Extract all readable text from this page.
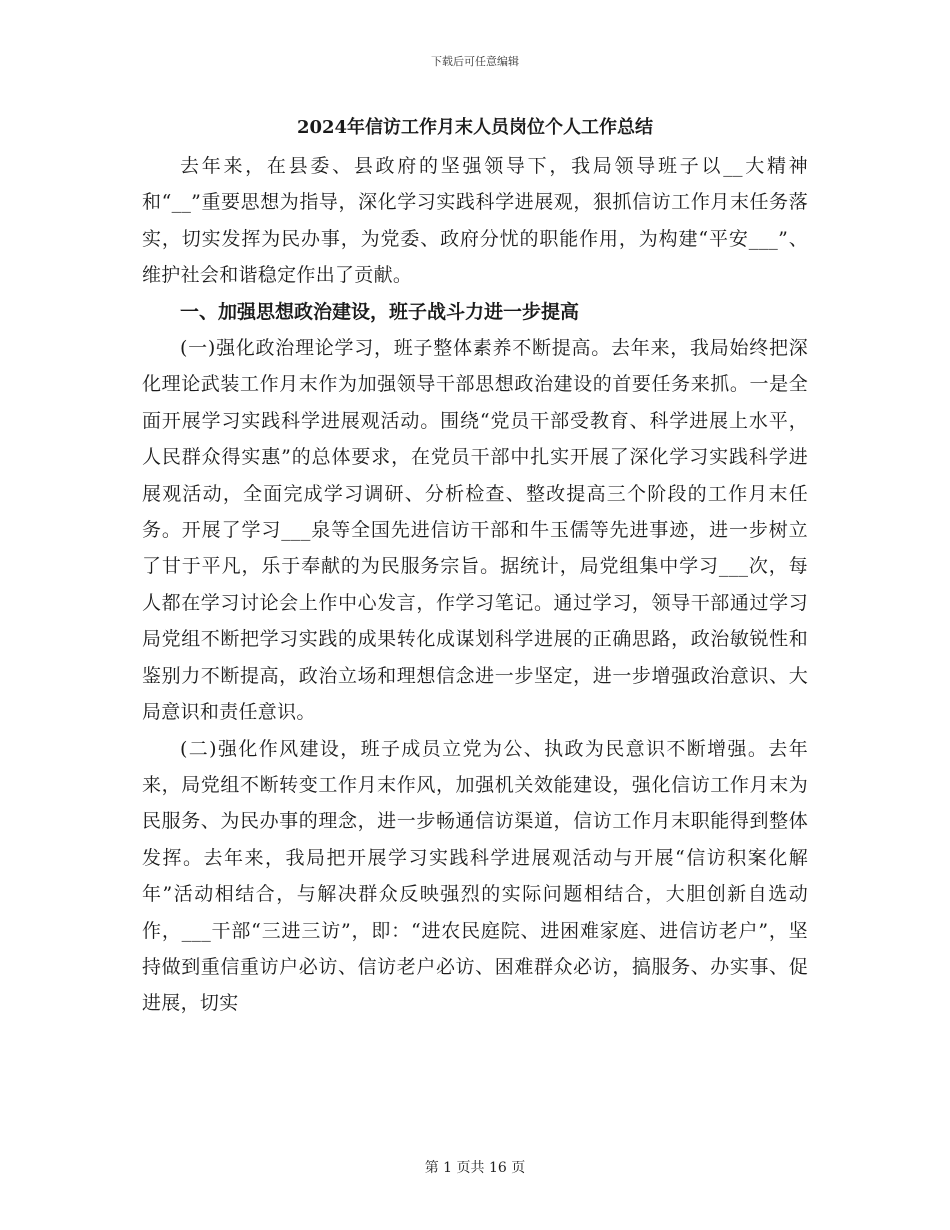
下载后可任意编辑
2024年信访工作月末人员岗位个人工作总结

去年来，在县委、县政府的坚强领导下，我局领导班子以__大精神和“__”重要思想为指导，深化学习实践科学进展观，狠抓信访工作月末任务落实，切实发挥为民办事，为党委、政府分忧的职能作用，为构建“平安___”、维护社会和谐稳定作出了贡献。

一、加强思想政治建设，班子战斗力进一步提高

(一)强化政治理论学习，班子整体素养不断提高。去年来，我局始终把深化理论武装工作月末作为加强领导干部思想政治建设的首要任务来抓。一是全面开展学习实践科学进展观活动。围绕“党员干部受教育、科学进展上水平，人民群众得实惠”的总体要求，在党员干部中扎实开展了深化学习实践科学进展观活动，全面完成学习调研、分析检查、整改提高三个阶段的工作月末任务。开展了学习___泉等全国先进信访干部和牛玉儒等先进事迹，进一步树立了甘于平凡，乐于奉献的为民服务宗旨。据统计，局党组集中学习___次，每人都在学习讨论会上作中心发言，作学习笔记。通过学习，领导干部通过学习局党组不断把学习实践的成果转化成谋划科学进展的正确思路，政治敏锐性和鉴别力不断提高，政治立场和理想信念进一步坚定，进一步增强政治意识、大局意识和责任意识。

(二)强化作风建设，班子成员立党为公、执政为民意识不断增强。去年来，局党组不断转变工作月末作风，加强机关效能建设，强化信访工作月末为民服务、为民办事的理念，进一步畅通信访渠道，信访工作月末职能得到整体发挥。去年来，我局把开展学习实践科学进展观活动与开展“信访积案化解年”活动相结合，与解决群众反映强烈的实际问题相结合，大胆创新自选动作，___干部“三进三访”，即：“进农民庭院、进困难家庭、进信访老户”，坚持做到重信重访户必访、信访老户必访、困难群众必访，搞服务、办实事、促进展，切实

第 1 页共 16 页
